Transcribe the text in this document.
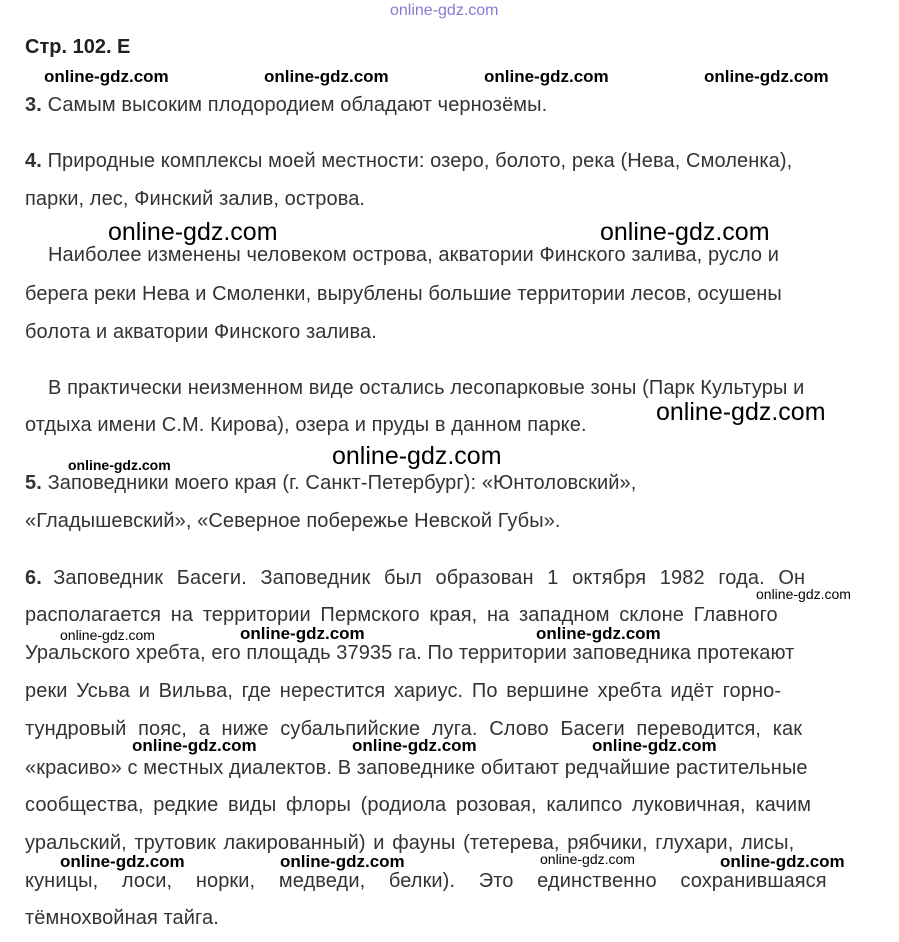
online-gdz.com
Стр. 102. Е
3. Самым высоким плодородием обладают чернозёмы.
4. Природные комплексы моей местности: озеро, болото, река (Нева, Смоленка),
парки, лес, Финский залив, острова.
Наиболее изменены человеком острова, акватории Финского залива, русло и
берега реки Нева и Смоленки, вырублены большие территории лесов, осушены
болота и акватории Финского залива.
В практически неизменном виде остались лесопарковые зоны (Парк Культуры и
отдыха имени С.М. Кирова), озера и пруды в данном парке.
5. Заповедники моего края (г. Санкт-Петербург): «Юнтоловский»,
«Гладышевский», «Северное побережье Невской Губы».
6. Заповедник Басеги. Заповедник был образован 1 октября 1982 года. Он
располагается на территории Пермского края, на западном склоне Главного
Уральского хребта, его площадь 37935 га. По территории заповедника протекают
реки Усьва и Вильва, где нерестится хариус. По вершине хребта идёт горно-
тундровый пояс, а ниже субальпийские луга. Слово Басеги переводится, как
«красиво» с местных диалектов. В заповеднике обитают редчайшие растительные
сообщества, редкие виды флоры (родиола розовая, калипсо луковичная, качим
уральский, трутовик лакированный) и фауны (тетерева, рябчики, глухари, лисы,
куницы, лоси, норки, медведи, белки). Это единственно сохранившаяся
тёмнохвойная тайга.
online-gdz.com	online-gdz.com	online-gdz.com	online-gdz.com
online-gdz.com	online-gdz.com
online-gdz.com
online-gdz.com
online-gdz.com
online-gdz.com
online-gdz.com	online-gdz.com	online-gdz.com
online-gdz.com	online-gdz.com	online-gdz.com
online-gdz.com	online-gdz.com	online-gdz.com	online-gdz.com
